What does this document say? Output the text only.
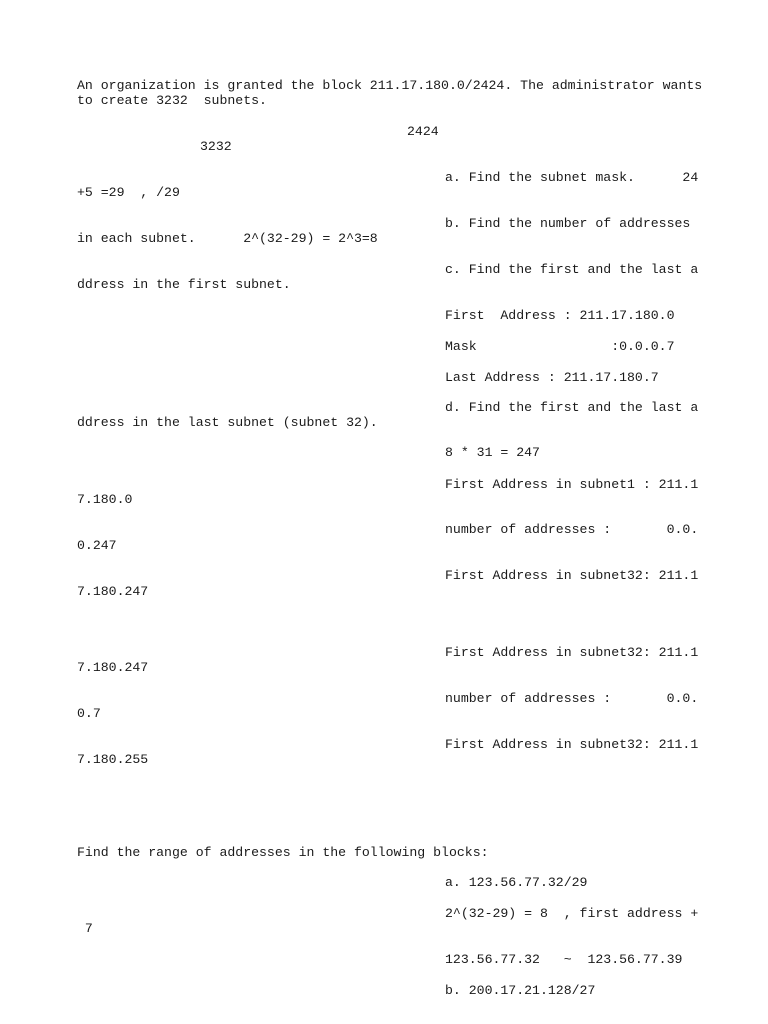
An organization is granted the block 211.17.180.0/2424. The administrator wants
to create 3232  subnets.
2424
3232
a. Find the subnet mask.      24
+5 =29  , /29
b. Find the number of addresses
in each subnet.      2^(32-29) = 2^3=8
c. Find the first and the last a
ddress in the first subnet.
First  Address : 211.17.180.0
Mask                 :0.0.0.7
Last Address : 211.17.180.7
d. Find the first and the last a
ddress in the last subnet (subnet 32).
8 * 31 = 247
First Address in subnet1 : 211.1
7.180.0
number of addresses :       0.0.
0.247
First Address in subnet32: 211.1
7.180.247
First Address in subnet32: 211.1
7.180.247
number of addresses :       0.0.
0.7
First Address in subnet32: 211.1
7.180.255
Find the range of addresses in the following blocks:
a. 123.56.77.32/29
2^(32-29) = 8  , first address +
7
123.56.77.32   ~  123.56.77.39
b. 200.17.21.128/27
